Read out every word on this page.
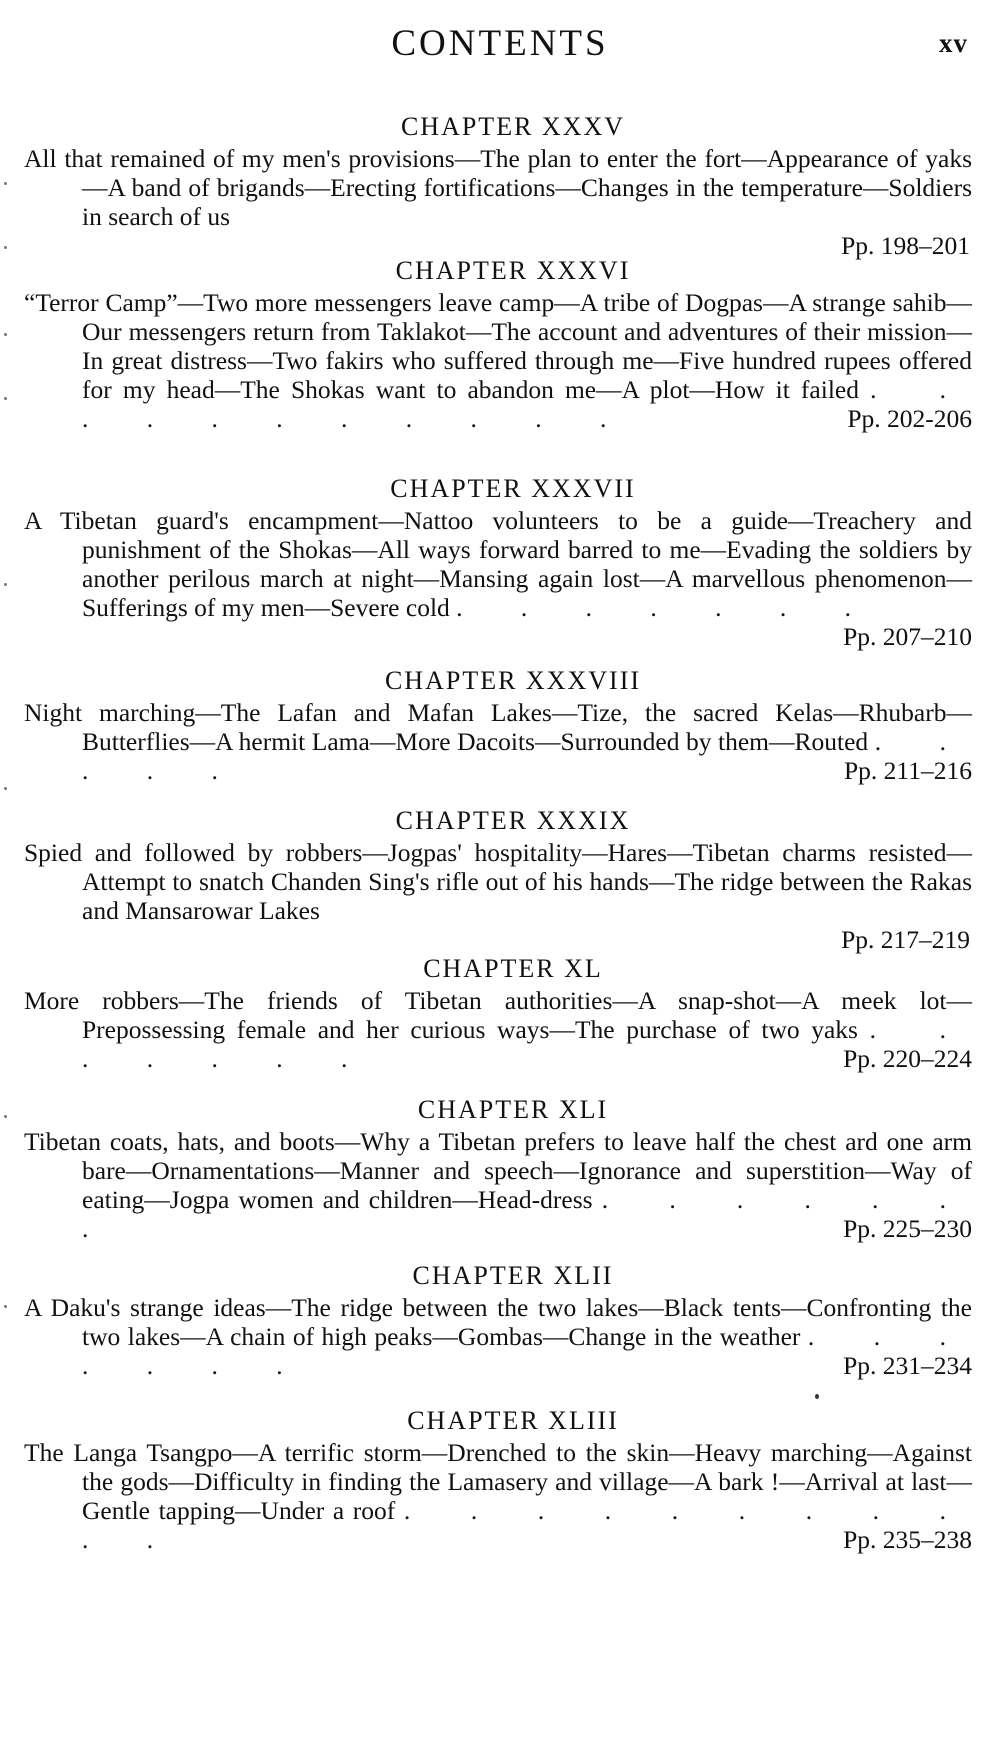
CONTENTS	xv
CHAPTER XXXV
All that remained of my men's provisions—The plan to enter the fort—Appearance of yaks—A band of brigands—Erecting fortifications—Changes in the temperature—Soldiers in search of us
Pp. 198–201
CHAPTER XXXVI
“Terror Camp”—Two more messengers leave camp—A tribe of Dogpas—A strange sahib—Our messengers return from Taklakot—The account and adventures of their mission—In great distress—Two fakirs who suffered through me—Five hundred rupees offered for my head—The Shokas want to abandon me—A plot—How it failed . . . . . . . . . . .	Pp. 202-206
CHAPTER XXXVII
A Tibetan guard's encampment—Nattoo volunteers to be a guide—Treachery and punishment of the Shokas—All ways forward barred to me—Evading the soldiers by another perilous march at night—Mansing again lost—A marvellous phenomenon—Sufferings of my men—Severe cold . . . . . . .
Pp. 207–210
CHAPTER XXXVIII
Night marching—The Lafan and Mafan Lakes—Tize, the sacred Kelas—Rhubarb—Butterflies—A hermit Lama—More Dacoits—Surrounded by them—Routed . . . . .	Pp. 211–216
CHAPTER XXXIX
Spied and followed by robbers—Jogpas' hospitality—Hares—Tibetan charms resisted—Attempt to snatch Chanden Sing's rifle out of his hands—The ridge between the Rakas and Mansarowar Lakes
Pp. 217–219
CHAPTER XL
More robbers—The friends of Tibetan authorities—A snap-shot—A meek lot—Prepossessing female and her curious ways—The purchase of two yaks . . . . . . .	Pp. 220–224
CHAPTER XLI
Tibetan coats, hats, and boots—Why a Tibetan prefers to leave half the chest ard one arm bare—Ornamentations—Manner and speech—Ignorance and superstition—Way of eating—Jogpa women and children—Head-dress . . . . . . .	Pp. 225–230
CHAPTER XLII
A Daku's strange ideas—The ridge between the two lakes—Black tents—Confronting the two lakes—A chain of high peaks—Gombas—Change in the weather . . . . . . .	Pp. 231–234
CHAPTER XLIII
The Langa Tsangpo—A terrific storm—Drenched to the skin—Heavy marching—Against the gods—Difficulty in finding the Lamasery and village—A bark !—Arrival at last—Gentle tapping—Under a roof . . . . . . . . . . .	Pp. 235–238
